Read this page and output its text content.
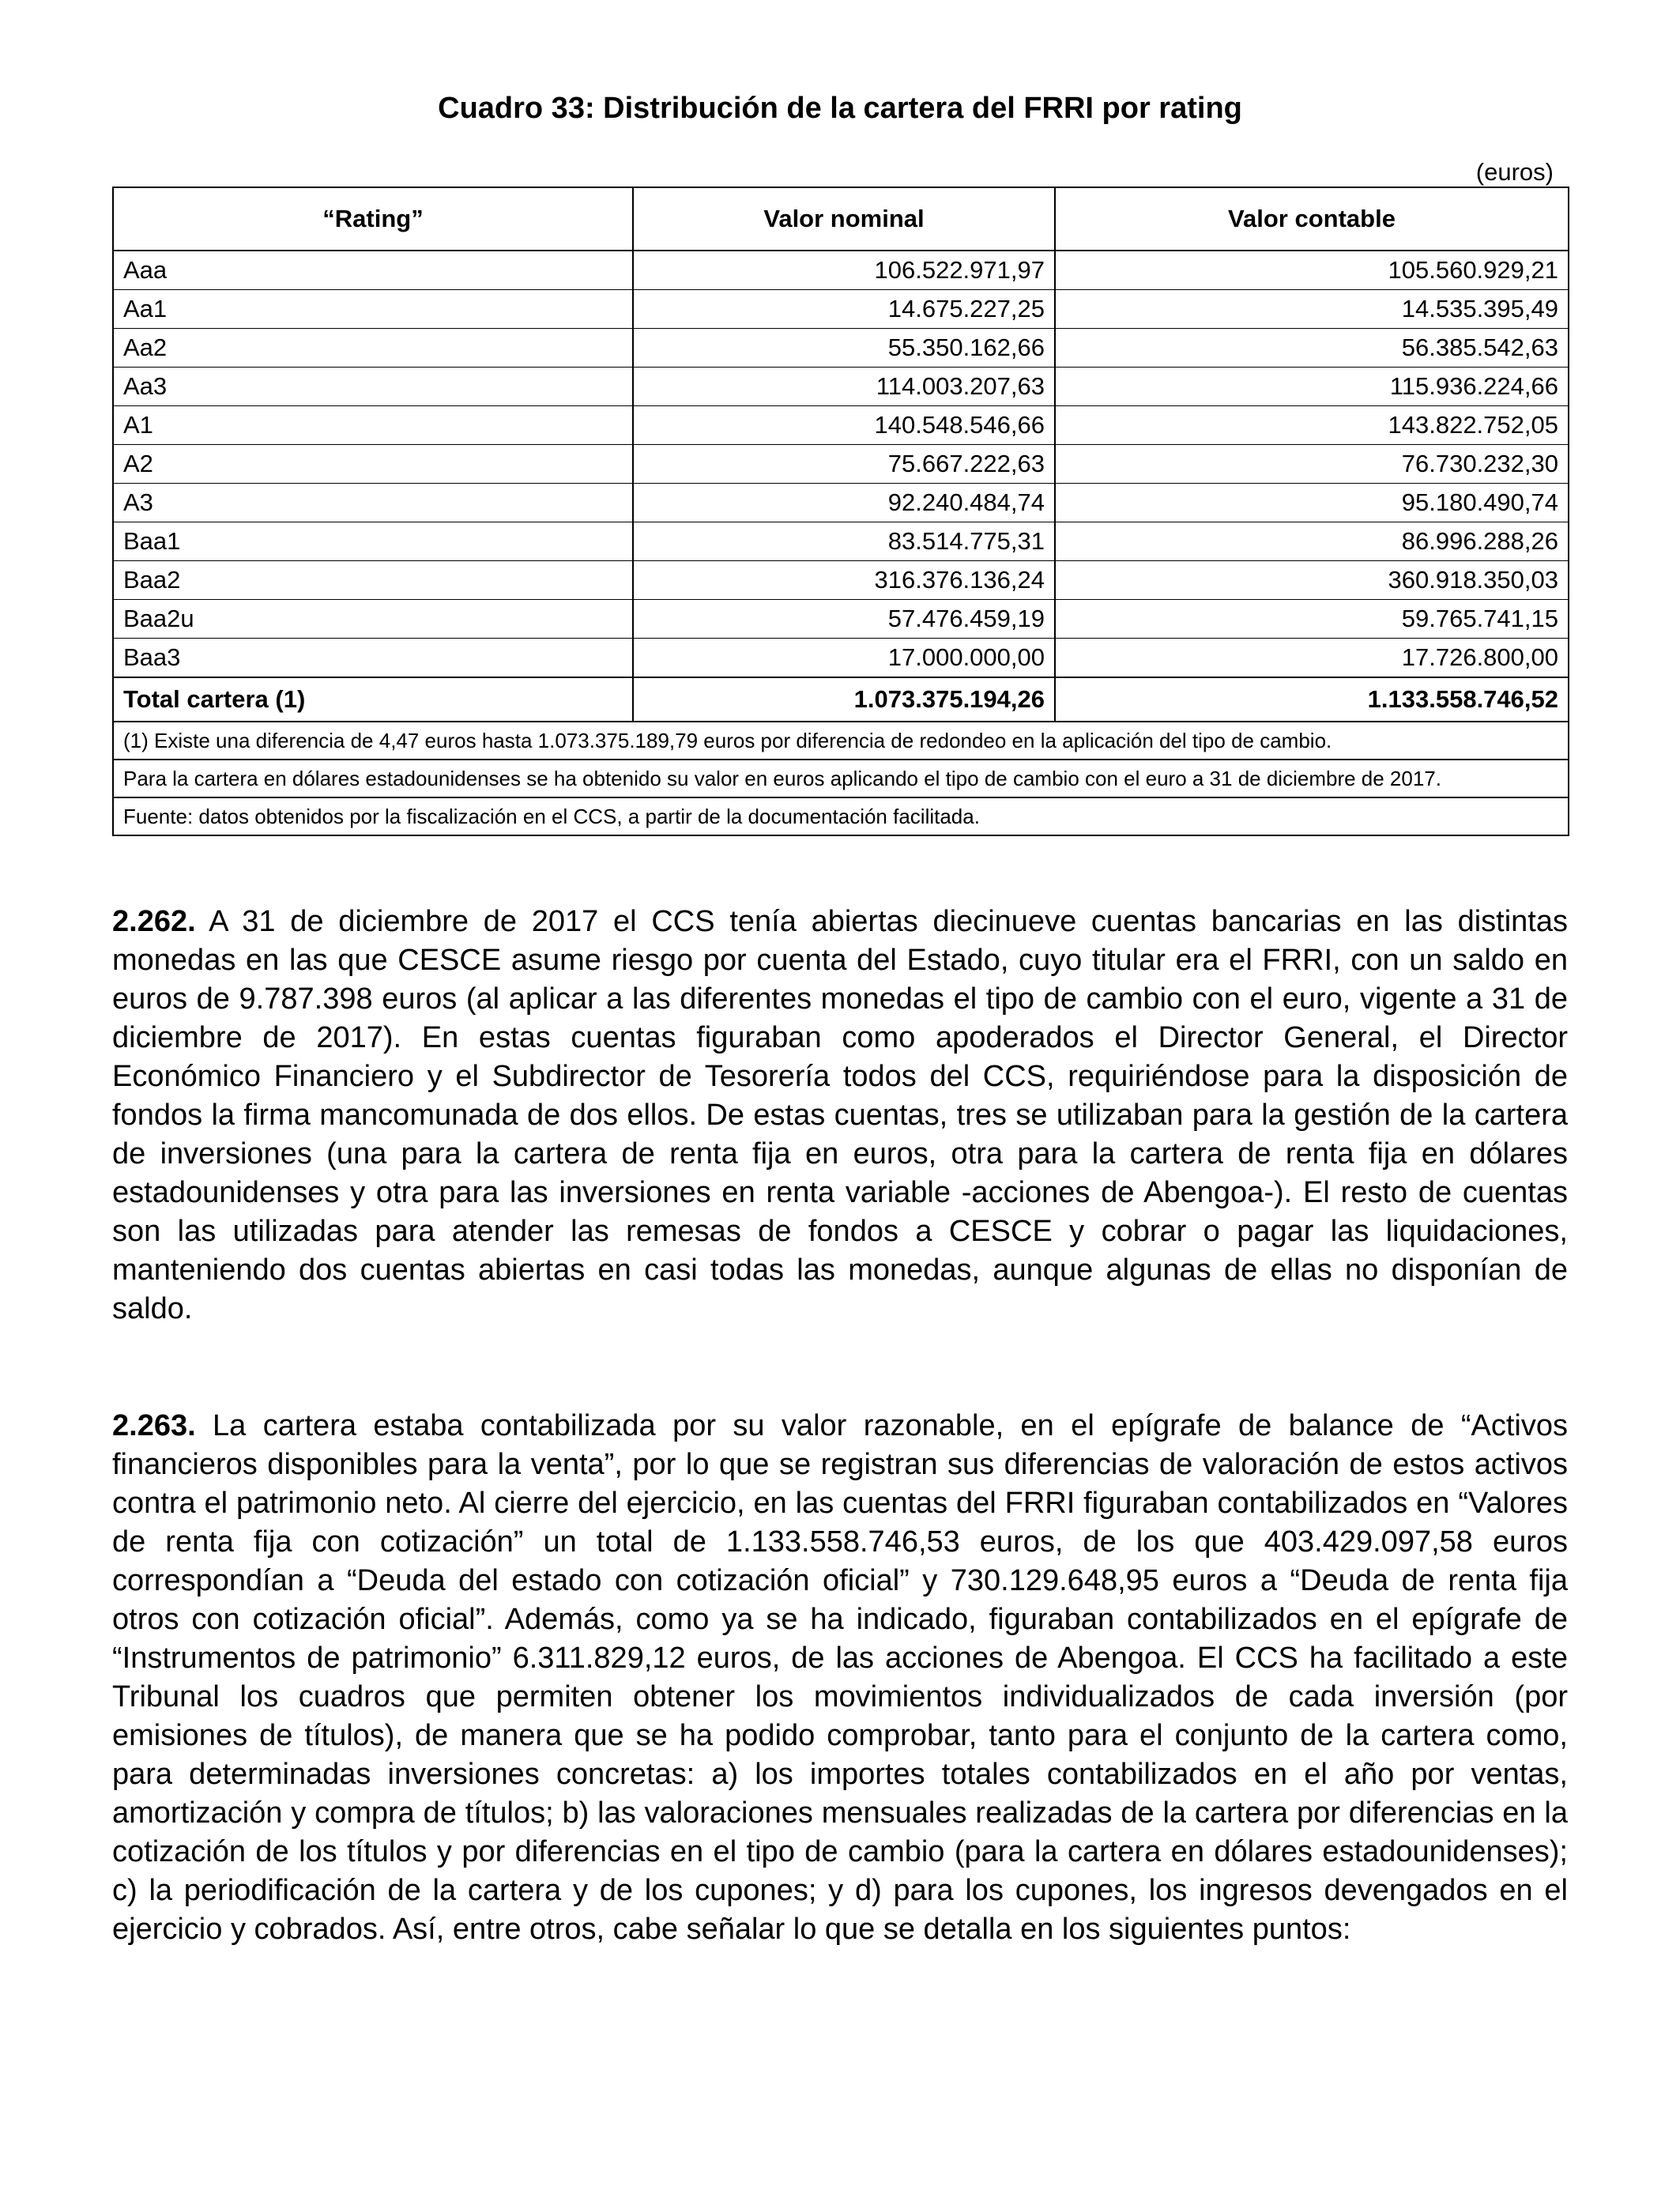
Cuadro 33: Distribución de la cartera del FRRI por rating
(euros)
“Rating”	Valor nominal	Valor contable
Aaa	106.522.971,97	105.560.929,21
Aa1	14.675.227,25	14.535.395,49
Aa2	55.350.162,66	56.385.542,63
Aa3	114.003.207,63	115.936.224,66
A1	140.548.546,66	143.822.752,05
A2	75.667.222,63	76.730.232,30
A3	92.240.484,74	95.180.490,74
Baa1	83.514.775,31	86.996.288,26
Baa2	316.376.136,24	360.918.350,03
Baa2u	57.476.459,19	59.765.741,15
Baa3	17.000.000,00	17.726.800,00
Total cartera (1)	1.073.375.194,26	1.133.558.746,52
(1) Existe una diferencia de 4,47 euros hasta 1.073.375.189,79 euros por diferencia de redondeo en la aplicación del tipo de cambio.		
Para la cartera en dólares estadounidenses se ha obtenido su valor en euros aplicando el tipo de cambio con el euro a 31 de diciembre de 2017.		
Fuente: datos obtenidos por la fiscalización en el CCS, a partir de la documentación facilitada.		

2.262. A 31 de diciembre de 2017 el CCS tenía abiertas diecinueve cuentas bancarias en las distintas monedas en las que CESCE asume riesgo por cuenta del Estado, cuyo titular era el FRRI, con un saldo en euros de 9.787.398 euros (al aplicar a las diferentes monedas el tipo de cambio con el euro, vigente a 31 de diciembre de 2017). En estas cuentas figuraban como apoderados el Director General, el Director Económico Financiero y el Subdirector de Tesorería todos del CCS, requiriéndose para la disposición de fondos la firma mancomunada de dos ellos. De estas cuentas, tres se utilizaban para la gestión de la cartera de inversiones (una para la cartera de renta fija en euros, otra para la cartera de renta fija en dólares estadounidenses y otra para las inversiones en renta variable -acciones de Abengoa-). El resto de cuentas son las utilizadas para atender las remesas de fondos a CESCE y cobrar o pagar las liquidaciones, manteniendo dos cuentas abiertas en casi todas las monedas, aunque algunas de ellas no disponían de saldo.

2.263. La cartera estaba contabilizada por su valor razonable, en el epígrafe de balance de “Activos financieros disponibles para la venta”, por lo que se registran sus diferencias de valoración de estos activos contra el patrimonio neto. Al cierre del ejercicio, en las cuentas del FRRI figuraban contabilizados en “Valores de renta fija con cotización” un total de 1.133.558.746,53 euros, de los que 403.429.097,58 euros correspondían a “Deuda del estado con cotización oficial” y 730.129.648,95 euros a “Deuda de renta fija otros con cotización oficial”. Además, como ya se ha indicado, figuraban contabilizados en el epígrafe de “Instrumentos de patrimonio” 6.311.829,12 euros, de las acciones de Abengoa. El CCS ha facilitado a este Tribunal los cuadros que permiten obtener los movimientos individualizados de cada inversión (por emisiones de títulos), de manera que se ha podido comprobar, tanto para el conjunto de la cartera como, para determinadas inversiones concretas: a) los importes totales contabilizados en el año por ventas, amortización y compra de títulos; b) las valoraciones mensuales realizadas de la cartera por diferencias en la cotización de los títulos y por diferencias en el tipo de cambio (para la cartera en dólares estadounidenses); c) la periodificación de la cartera y de los cupones; y d) para los cupones, los ingresos devengados en el ejercicio y cobrados. Así, entre otros, cabe señalar lo que se detalla en los siguientes puntos:
